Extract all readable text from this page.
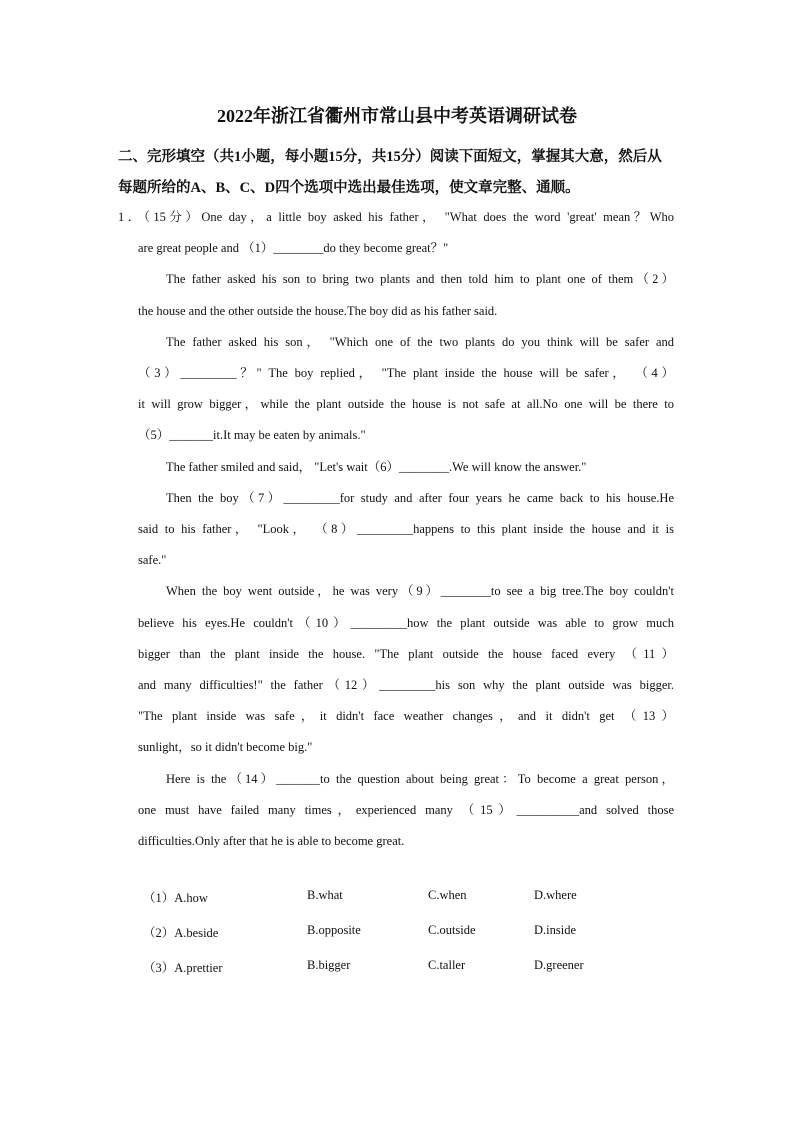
2022年浙江省衢州市常山县中考英语调研试卷
二、完形填空（共1小题，每小题15分，共15分）阅读下面短文，掌握其大意，然后从
每题所给的A、B、C、D四个选项中选出最佳选项，使文章完整、通顺。
1．（15分）One day，a little boy asked his father， "What does the word 'great' mean？Who
are great people and （1）________do they become great？"
The father asked his son to bring two plants and then told him to plant one of them（2）
the house and the other outside the house.The boy did as his father said.
The father asked his son， "Which one of the two plants do you think will be safer and
（3）_________？" The boy replied， "The plant inside the house will be safer， （4）
it will grow bigger，while the plant outside the house is not safe at all.No one will be there to
（5）_______it.It may be eaten by animals."
The father smiled and said， "Let's wait（6）________.We will know the answer."
Then the boy（7）_________for study and after four years he came back to his house.He
said to his father， "Look， （8）_________happens to this plant inside the house and it is
safe."
When the boy went outside，he was very（9）________to see a big tree.The boy couldn't
believe his eyes.He couldn't（10）_________how the plant outside was able to grow much
bigger than the plant inside the house. "The plant outside the house faced every （11）
and many difficulties!" the father（12）_________his son why the plant outside was bigger.
"The plant inside was safe，it didn't face weather changes，and it didn't get （13）
sunlight，so it didn't become big."
Here is the（14）_______to the question about being great：To become a great person，
one must have failed many times，experienced many （15）__________and solved those
difficulties.Only after that he is able to become great.
（1）A.how	B.what	C.when	D.where
（2）A.beside	B.opposite	C.outside	D.inside
（3）A.prettier	B.bigger	C.taller	D.greener
